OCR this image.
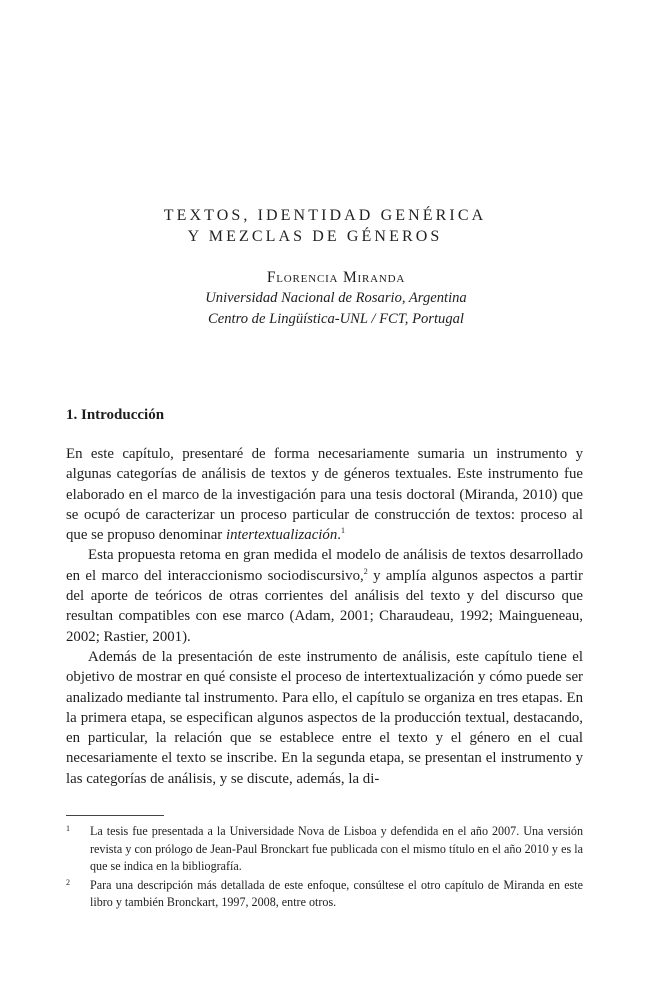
TEXTOS, IDENTIDAD GENÉRICA
Y MEZCLAS DE GÉNEROS
Florencia Miranda
Universidad Nacional de Rosario, Argentina
Centro de Lingüística-UNL / FCT, Portugal
1. Introducción

En este capítulo, presentaré de forma necesariamente sumaria un instrumento y algunas categorías de análisis de textos y de géneros textuales. Este instrumento fue elaborado en el marco de la investigación para una tesis doctoral (Miranda, 2010) que se ocupó de caracterizar un proceso particular de construcción de textos: proceso al que se propuso denominar intertextualización.$^1$

Esta propuesta retoma en gran medida el modelo de análisis de textos desarrollado en el marco del interaccionismo sociodiscursivo,$^2$ y amplía algunos aspectos a partir del aporte de teóricos de otras corrientes del análisis del texto y del discurso que resultan compatibles con ese marco (Adam, 2001; Charaudeau, 1992; Maingueneau, 2002; Rastier, 2001).

Además de la presentación de este instrumento de análisis, este capítulo tiene el objetivo de mostrar en qué consiste el proceso de intertextualización y cómo puede ser analizado mediante tal instrumento. Para ello, el capítulo se organiza en tres etapas. En la primera etapa, se especifican algunos aspectos de la producción textual, destacando, en particular, la relación que se establece entre el texto y el género en el cual necesariamente el texto se inscribe. En la segunda etapa, se presentan el instrumento y las categorías de análisis, y se discute, además, la di-

1 La tesis fue presentada a la Universidade Nova de Lisboa y defendida en el año 2007. Una versión revista y con prólogo de Jean-Paul Bronckart fue publicada con el mismo título en el año 2010 y es la que se indica en la bibliografía.
2 Para una descripción más detallada de este enfoque, consúltese el otro capítulo de Miranda en este libro y también Bronckart, 1997, 2008, entre otros.
